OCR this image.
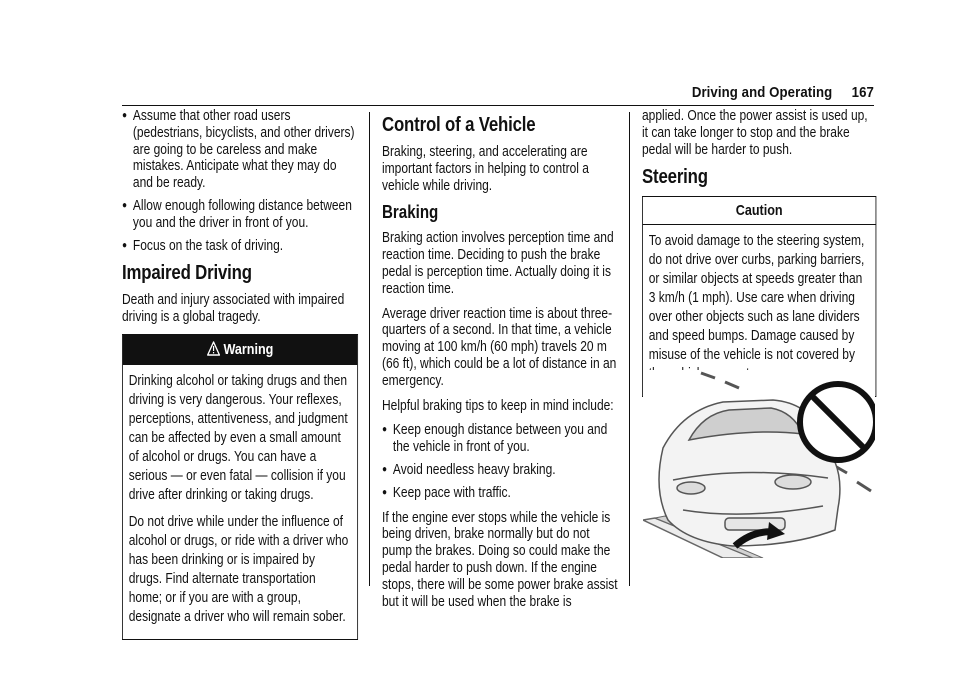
Driving and Operating 167
● Assume that other road users (pedestrians, bicyclists, and other drivers) are going to be careless and make mistakes. Anticipate what they may do and be ready.
● Allow enough following distance between you and the driver in front of you.
● Focus on the task of driving.
Impaired Driving

Death and injury associated with impaired driving is a global tragedy.

Warning

Drinking alcohol or taking drugs and then driving is very dangerous. Your reflexes, perceptions, attentiveness, and judgment can be affected by even a small amount of alcohol or drugs. You can have a serious — or even fatal — collision if you drive after drinking or taking drugs.

Do not drive while under the influence of alcohol or drugs, or ride with a driver who has been drinking or is impaired by drugs. Find alternate transportation home; or if you are with a group, designate a driver who will remain sober.

Control of a Vehicle

Braking, steering, and accelerating are important factors in helping to control a vehicle while driving.

Braking

Braking action involves perception time and reaction time. Deciding to push the brake pedal is perception time. Actually doing it is reaction time.

Average driver reaction time is about three-quarters of a second. In that time, a vehicle moving at 100 km/h (60 mph) travels 20 m (66 ft), which could be a lot of distance in an emergency.

Helpful braking tips to keep in mind include:

● Keep enough distance between you and the vehicle in front of you.
● Avoid needless heavy braking.
● Keep pace with traffic.

If the engine ever stops while the vehicle is being driven, brake normally but do not pump the brakes. Doing so could make the pedal harder to push down. If the engine stops, there will be some power brake assist but it will be used when the brake is

applied. Once the power assist is used up, it can take longer to stop and the brake pedal will be harder to push.

Steering
Caution

To avoid damage to the steering system, do not drive over curbs, parking barriers, or similar objects at speeds greater than 3 km/h (1 mph). Use care when driving over other objects such as lane dividers and speed bumps. Damage caused by misuse of the vehicle is not covered by
